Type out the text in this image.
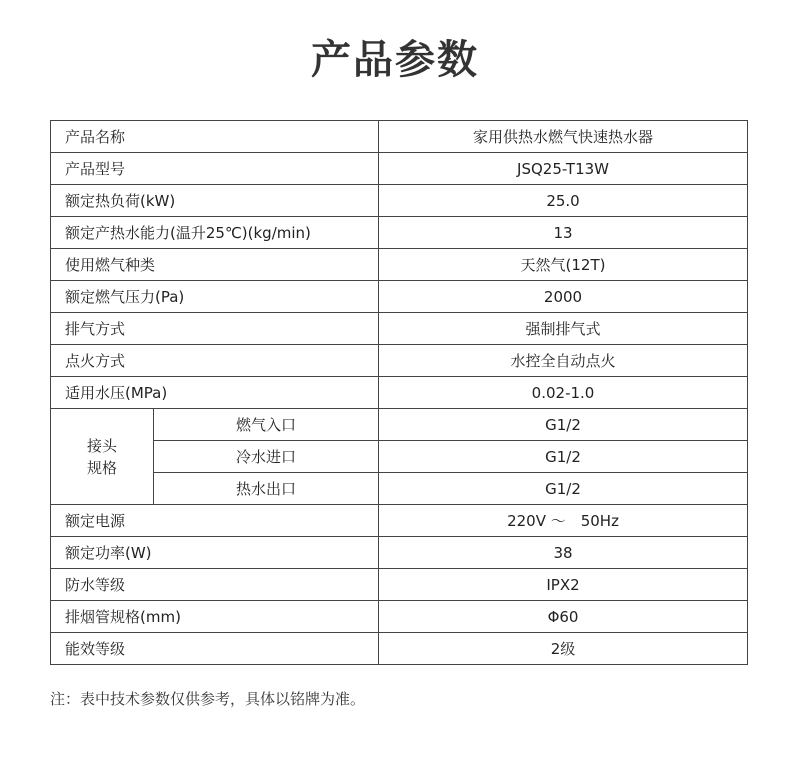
产品参数
产品名称		家用供热水燃气快速热水器
产品型号		JSQ25-T13W
额定热负荷(kW)		25.0
额定产热水能力(温升25℃)(kg/min)		13
使用燃气种类		天然气(12T)
额定燃气压力(Pa)		2000
排气方式		强制排气式
点火方式		水控全自动点火
适用水压(MPa)		0.02-1.0

接头
规格	燃气入口	G1/2
	冷水进口	G1/2
	热水出口	G1/2
额定电源		220V ～　50Hz
额定功率(W)		38
防水等级		IPX2
排烟管规格(mm)		Φ60
能效等级		2级
注：表中技术参数仅供参考，具体以铭牌为准。
